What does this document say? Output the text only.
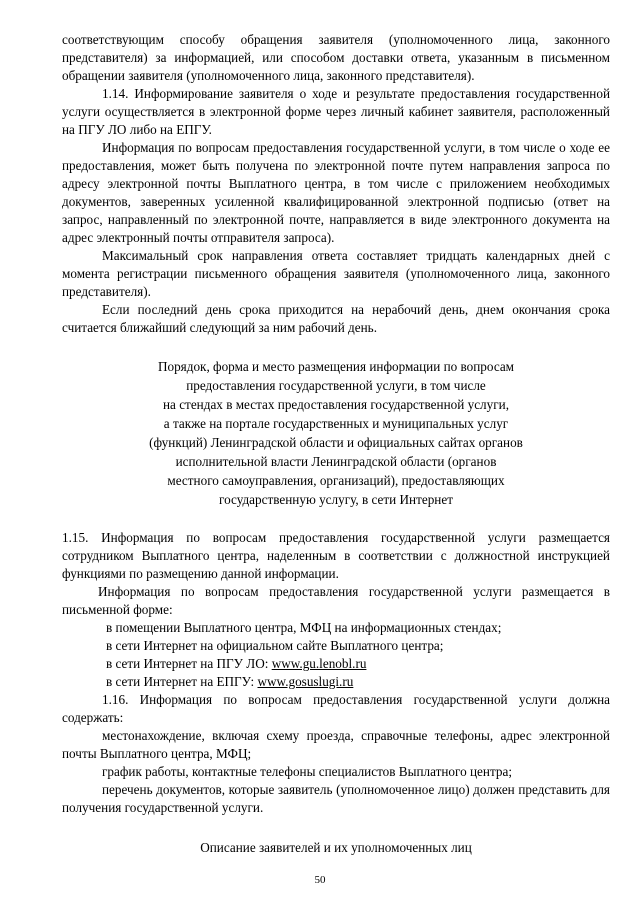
соответствующим способу обращения заявителя (уполномоченного лица, законного представителя) за информацией, или способом доставки ответа, указанным в письменном обращении заявителя (уполномоченного лица, законного представителя).

1.14. Информирование заявителя о ходе и результате предоставления государственной услуги осуществляется в электронной форме через личный кабинет заявителя, расположенный на ПГУ ЛО либо на ЕПГУ.

Информация по вопросам предоставления государственной услуги, в том числе о ходе ее предоставления, может быть получена по электронной почте путем направления запроса по адресу электронной почты Выплатного центра, в том числе с приложением необходимых документов, заверенных усиленной квалифицированной электронной подписью (ответ на запрос, направленный по электронной почте, направляется в виде электронного документа на адрес электронный почты отправителя запроса).

Максимальный срок направления ответа составляет тридцать календарных дней с момента регистрации письменного обращения заявителя (уполномоченного лица, законного представителя).

Если последний день срока приходится на нерабочий день, днем окончания срока считается ближайший следующий за ним рабочий день.

Порядок, форма и место размещения информации по вопросам

предоставления государственной услуги, в том числе

на стендах в местах предоставления государственной услуги,

а также на портале государственных и муниципальных услуг

(функций) Ленинградской области и официальных сайтах органов

исполнительной власти Ленинградской области (органов

местного самоуправления, организаций), предоставляющих

государственную услугу, в сети Интернет

1.15. Информация по вопросам предоставления государственной услуги размещается сотрудником Выплатного центра, наделенным в соответствии с должностной инструкцией функциями по размещению данной информации.

Информация по вопросам предоставления государственной услуги размещается в письменной форме:

в помещении Выплатного центра, МФЦ на информационных стендах;

в сети Интернет на официальном сайте Выплатного центра;

в сети Интернет на ПГУ ЛО: www.gu.lenobl.ru

в сети Интернет на ЕПГУ: www.gosuslugi.ru

1.16. Информация по вопросам предоставления государственной услуги должна содержать:

местонахождение, включая схему проезда, справочные телефоны, адрес электронной почты Выплатного центра, МФЦ;

график работы, контактные телефоны специалистов Выплатного центра;

перечень документов, которые заявитель (уполномоченное лицо) должен представить для получения государственной услуги.

Описание заявителей и их уполномоченных лиц

50
